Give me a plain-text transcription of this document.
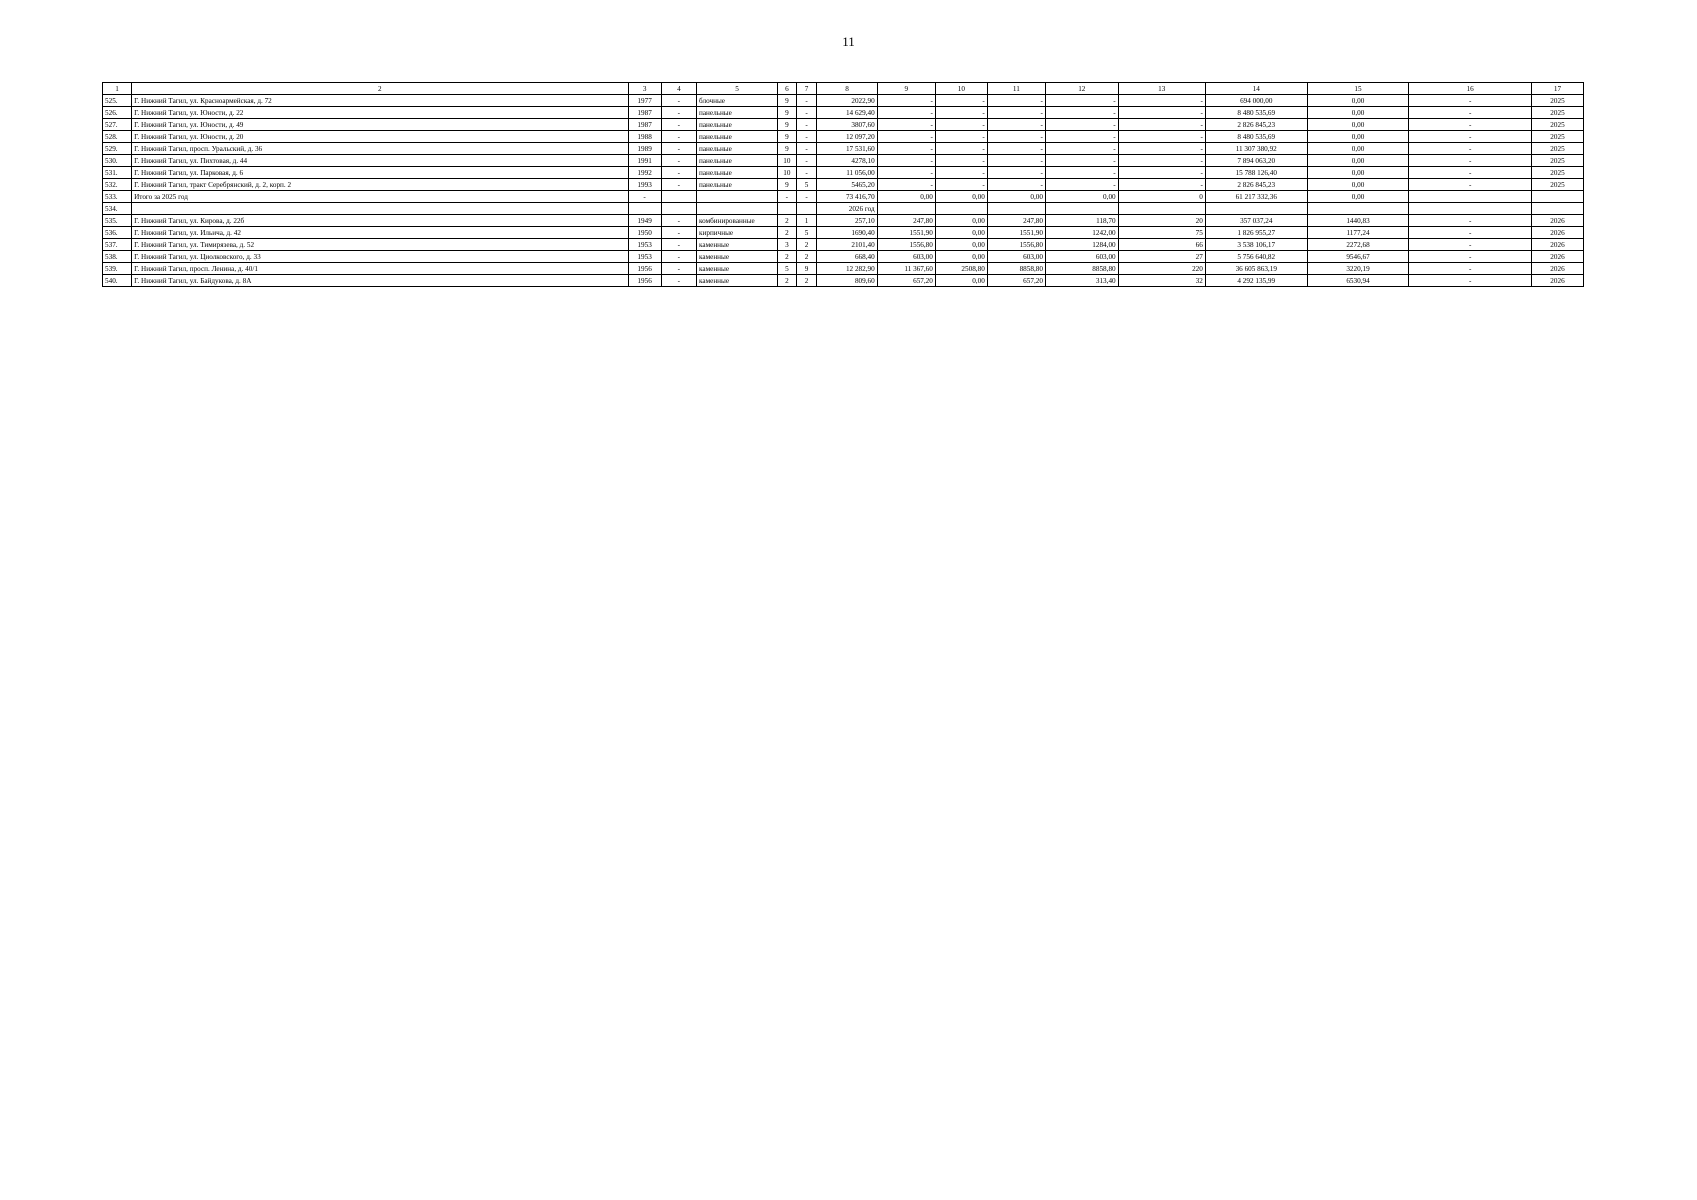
11
1	2	3	4	5	6	7	8	9	10	11	12	13	14	15	16	17
525.	Г. Нижний Тагил, ул. Красноармейская, д. 72	1977	-	блочные	9	-	2022,90	-	-	-	-	-	694 000,00	0,00	-	2025
526.	Г. Нижний Тагил, ул. Юности, д. 22	1987	-	панельные	9	-	14 629,40	-	-	-	-	-	8 480 535,69	0,00	-	2025
527.	Г. Нижний Тагил, ул. Юности, д. 49	1987	-	панельные	9	-	3807,60	-	-	-	-	-	2 826 845,23	0,00	-	2025
528.	Г. Нижний Тагил, ул. Юности, д. 20	1988	-	панельные	9	-	12 097,20	-	-	-	-	-	8 480 535,69	0,00	-	2025
529.	Г. Нижний Тагил, просп. Уральский, д. 36	1989	-	панельные	9	-	17 531,60	-	-	-	-	-	11 307 380,92	0,00	-	2025
530.	Г. Нижний Тагил, ул. Пихтовая, д. 44	1991	-	панельные	10	-	4278,10	-	-	-	-	-	7 894 063,20	0,00	-	2025
531.	Г. Нижний Тагил, ул. Парковая, д. 6	1992	-	панельные	10	-	11 056,00	-	-	-	-	-	15 788 126,40	0,00	-	2025
532.	Г. Нижний Тагил, тракт Серебрянский, д. 2, корп. 2	1993	-	панельные	9	5	5465,20	-	-	-	-	-	2 826 845,23	0,00	-	2025
533.	Итого за 2025 год	-			-	-	73 416,70	0,00	0,00	0,00	0,00	0	61 217 332,36	0,00		
534.							2026 год									
535.	Г. Нижний Тагил, ул. Кирова, д. 22б	1949	-	комбинированные	2	1	257,10	247,80	0,00	247,80	118,70	20	357 037,24	1440,83	-	2026
536.	Г. Нижний Тагил, ул. Ильича, д. 42	1950	-	кирпичные	2	5	1690,40	1551,90	0,00	1551,90	1242,00	75	1 826 955,27	1177,24	-	2026
537.	Г. Нижний Тагил, ул. Тимирязева, д. 52	1953	-	каменные	3	2	2101,40	1556,80	0,00	1556,80	1284,00	66	3 538 106,17	2272,68	-	2026
538.	Г. Нижний Тагил, ул. Циолковского, д. 33	1953	-	каменные	2	2	668,40	603,00	0,00	603,00	603,00	27	5 756 640,82	9546,67	-	2026
539.	Г. Нижний Тагил, просп. Ленина, д. 40/1	1956	-	каменные	5	9	12 282,90	11 367,60	2508,80	8858,80	8858,80	220	36 605 863,19	3220,19	-	2026
540.	Г. Нижний Тагил, ул. Байдукова, д. 8А	1956	-	каменные	2	2	809,60	657,20	0,00	657,20	313,40	32	4 292 135,99	6530,94	-	2026
